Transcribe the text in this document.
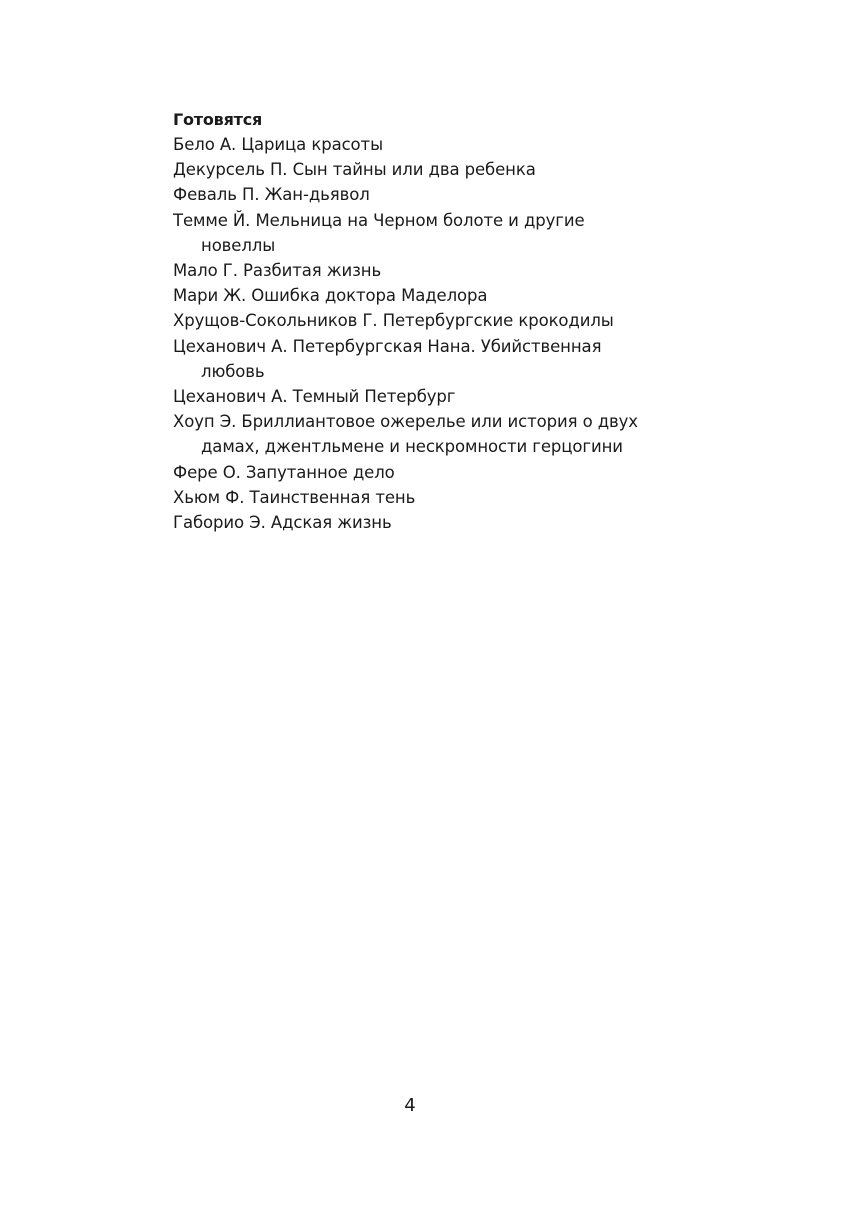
Готовятся

Бело А. Царица красоты
Декурсель П. Сын тайны или два ребенка
Феваль П. Жан-дьявол
Темме Й. Мельница на Черном болоте и другие новеллы
Мало Г. Разбитая жизнь
Мари Ж. Ошибка доктора Маделора
Хрущов-Сокольников Г. Петербургские крокодилы
Цеханович А. Петербургская Нана. Убийственная любовь
Цеханович А. Темный Петербург
Хоуп Э. Бриллиантовое ожерелье или история о двух дамах, джентльмене и нескромности герцогини
Фере О. Запутанное дело
Хьюм Ф. Таинственная тень
Габорио Э. Адская жизнь
4
